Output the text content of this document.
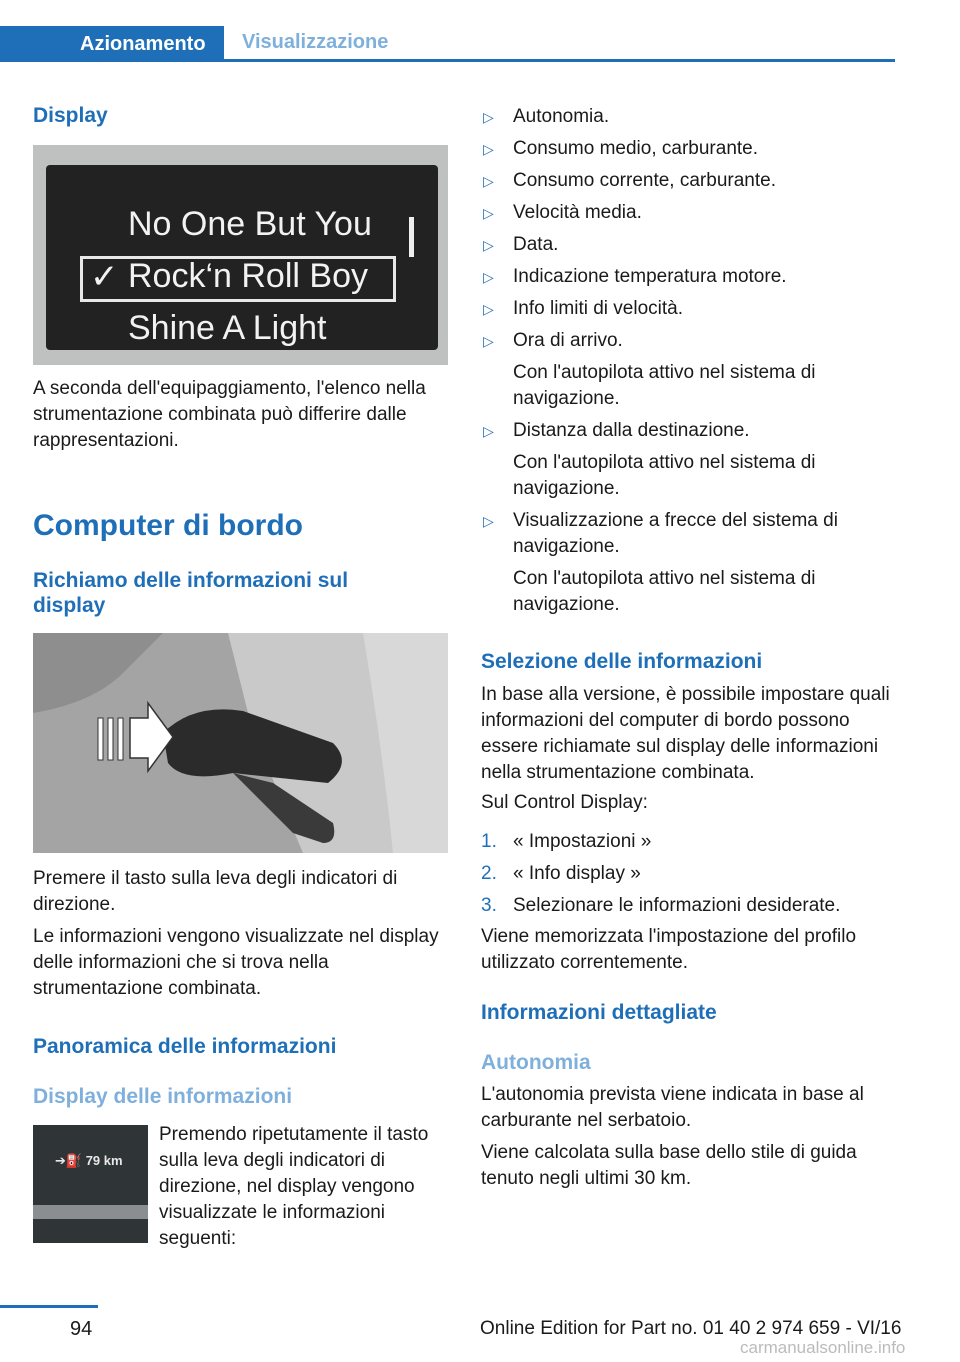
Azionamento	Visualizzazione
Display
No One But You
✓ Rock‘n Roll Boy
Shine A Light
A seconda dell'equipaggiamento, l'elenco nella strumentazione combinata può differire dalle rappresentazioni.
Computer di bordo
Richiamo delle informazioni sul display
Premere il tasto sulla leva degli indicatori di direzione.
Le informazioni vengono visualizzate nel display delle informazioni che si trova nella strumentazione combinata.
Panoramica delle informazioni
Display delle informazioni
➔⛽ 79 km
Premendo ripetutamente il tasto sulla leva degli indicatori di direzione, nel display vengono visualizzate le informazioni seguenti:
▷ Autonomia.
▷ Consumo medio, carburante.
▷ Consumo corrente, carburante.
▷ Velocità media.
▷ Data.
▷ Indicazione temperatura motore.
▷ Info limiti di velocità.
▷ Ora di arrivo.
Con l'autopilota attivo nel sistema di navigazione.
▷ Distanza dalla destinazione.
Con l'autopilota attivo nel sistema di navigazione.
▷ Visualizzazione a frecce del sistema di navigazione.
Con l'autopilota attivo nel sistema di navigazione.
Selezione delle informazioni
In base alla versione, è possibile impostare quali informazioni del computer di bordo possono essere richiamate sul display delle informazioni nella strumentazione combinata.
Sul Control Display:
1. « Impostazioni »
2. « Info display »
3. Selezionare le informazioni desiderate.
Viene memorizzata l'impostazione del profilo utilizzato correntemente.
Informazioni dettagliate
Autonomia
L'autonomia prevista viene indicata in base al carburante nel serbatoio.
Viene calcolata sulla base dello stile di guida tenuto negli ultimi 30 km.
94	Online Edition for Part no. 01 40 2 974 659 - VI/16
carmanualsonline.info
